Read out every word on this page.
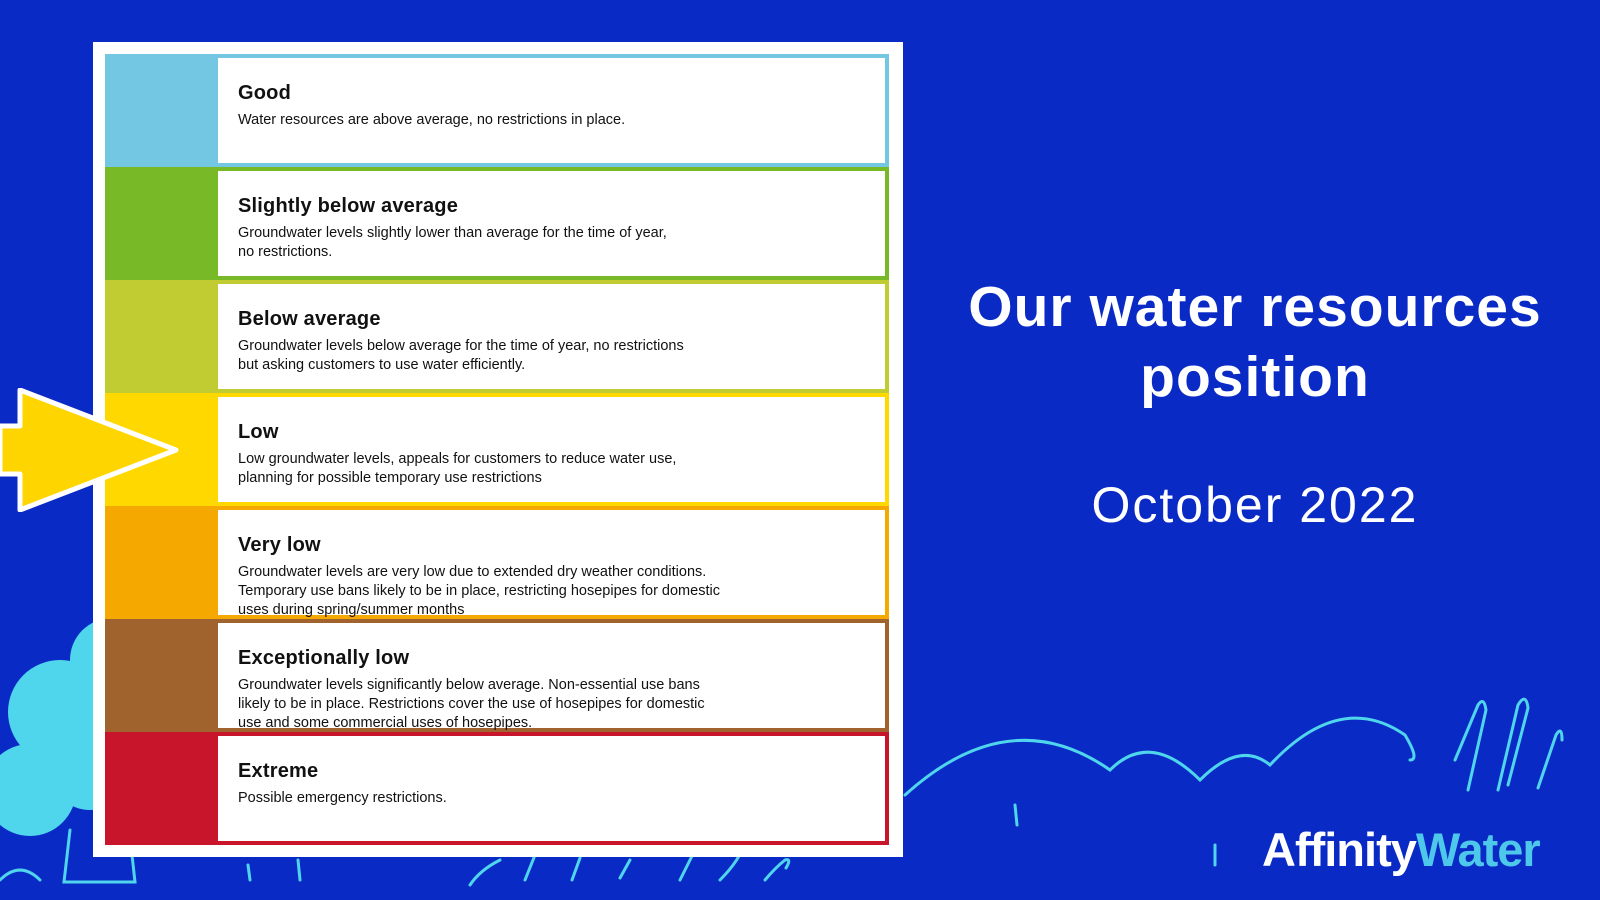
Good
Water resources are above average, no restrictions in place.
Slightly below average
Groundwater levels slightly lower than average for the time of year,
no restrictions.
Below average
Groundwater levels below average for the time of year, no restrictions
but asking customers to use water efficiently.
Low
Low groundwater levels, appeals for customers to reduce water use,
planning for possible temporary use restrictions
Very low
Groundwater levels are very low due to extended dry weather conditions.
Temporary use bans likely to be in place, restricting hosepipes for domestic
uses during spring/summer months
Exceptionally low
Groundwater levels significantly below average. Non-essential use bans
likely to be in place. Restrictions cover the use of hosepipes for domestic
use and some commercial uses of hosepipes.
Extreme
Possible emergency restrictions.
Our water resources position
October 2022
AffinityWater
